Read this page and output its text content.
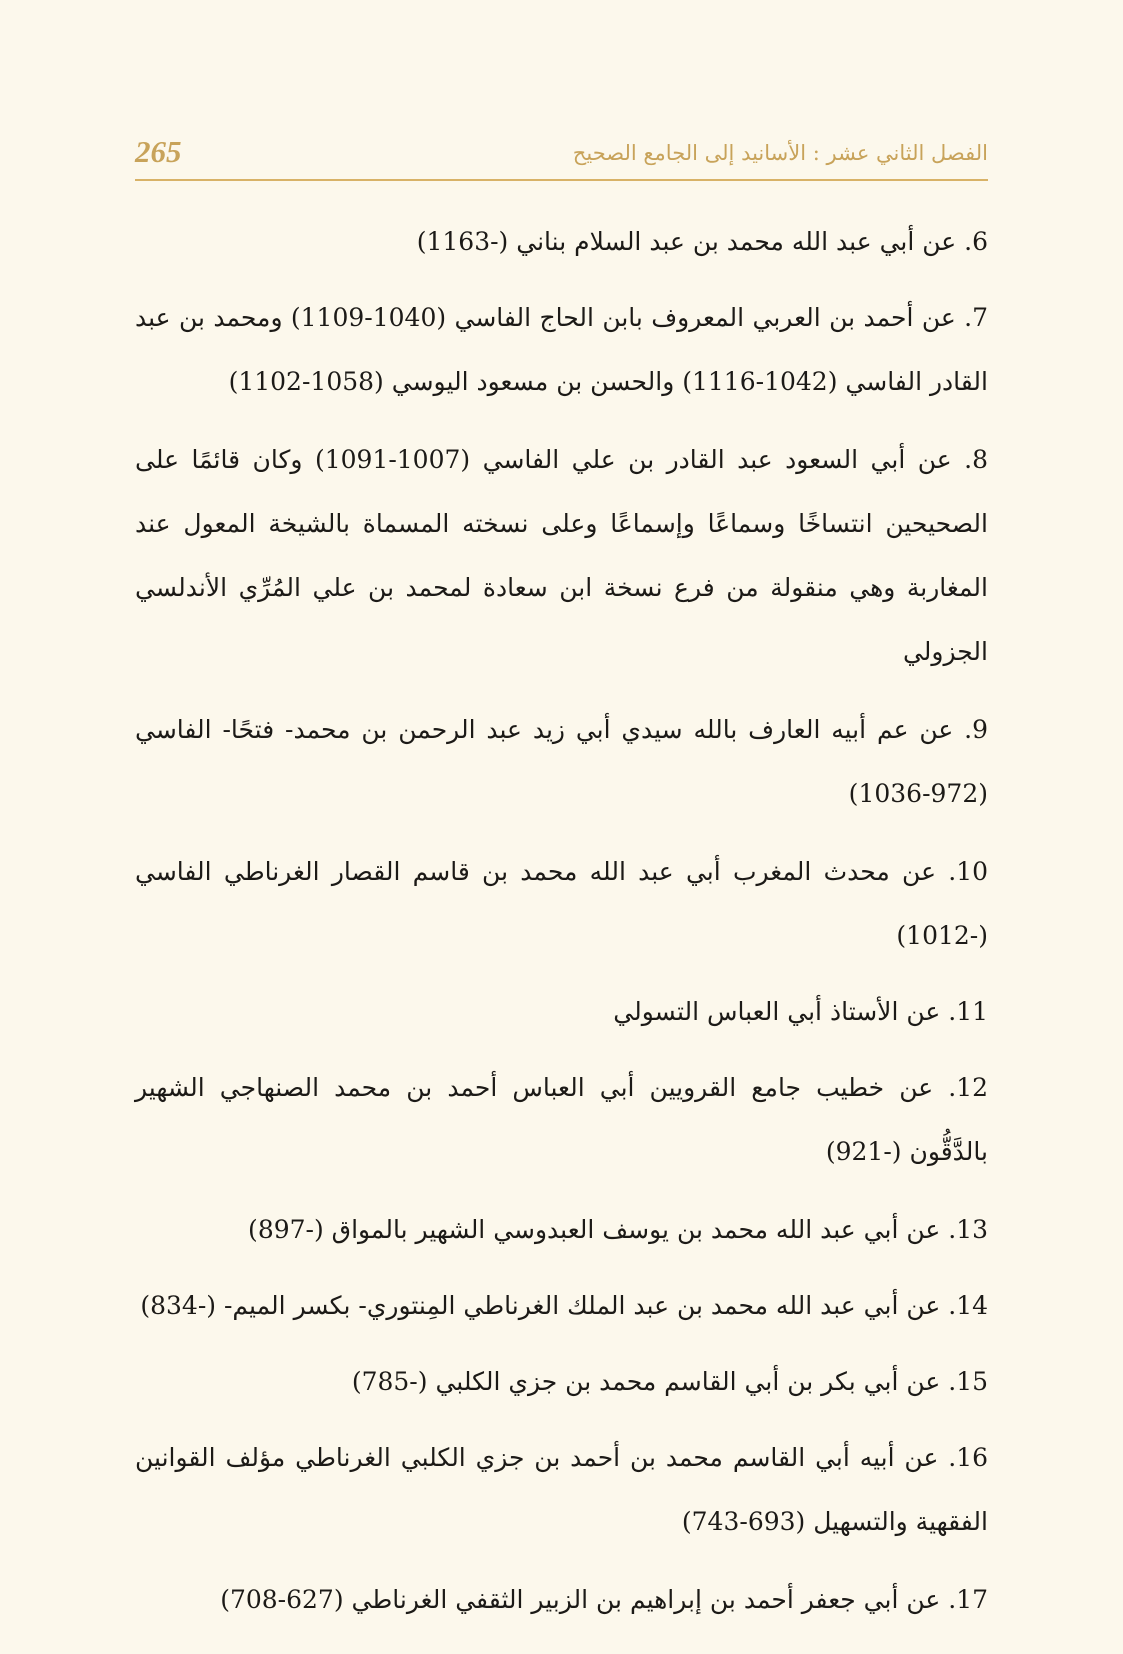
265	الفصل الثاني عشر : الأسانيد إلى الجامع الصحيح

6. عن أبي عبد الله محمد بن عبد السلام بناني (-1163)

7. عن أحمد بن العربي المعروف بابن الحاج الفاسي (1040-1109) ومحمد بن عبد القادر الفاسي (1042-1116) والحسن بن مسعود اليوسي (1058-1102)

8. عن أبي السعود عبد القادر بن علي الفاسي (1007-1091) وكان قائمًا على الصحيحين انتساخًا وسماعًا وإسماعًا وعلى نسخته المسماة بالشيخة المعول عند المغاربة وهي منقولة من فرع نسخة ابن سعادة لمحمد بن علي المُرِّي الأندلسي الجزولي

9. عن عم أبيه العارف بالله سيدي أبي زيد عبد الرحمن بن محمد- فتحًا- الفاسي (972-1036)

10. عن محدث المغرب أبي عبد الله محمد بن قاسم القصار الغرناطي الفاسي (-1012)

11. عن الأستاذ أبي العباس التسولي

12. عن خطيب جامع القرويين أبي العباس أحمد بن محمد الصنهاجي الشهير بالدَّقُّون (-921)

13. عن أبي عبد الله محمد بن يوسف العبدوسي الشهير بالمواق (-897)

14. عن أبي عبد الله محمد بن عبد الملك الغرناطي المِنتوري- بكسر الميم- (-834)

15. عن أبي بكر بن أبي القاسم محمد بن جزي الكلبي (-785)

16. عن أبيه أبي القاسم محمد بن أحمد بن جزي الكلبي الغرناطي مؤلف القوانين الفقهية والتسهيل (693-743)

17. عن أبي جعفر أحمد بن إبراهيم بن الزبير الثقفي الغرناطي (627-708)
